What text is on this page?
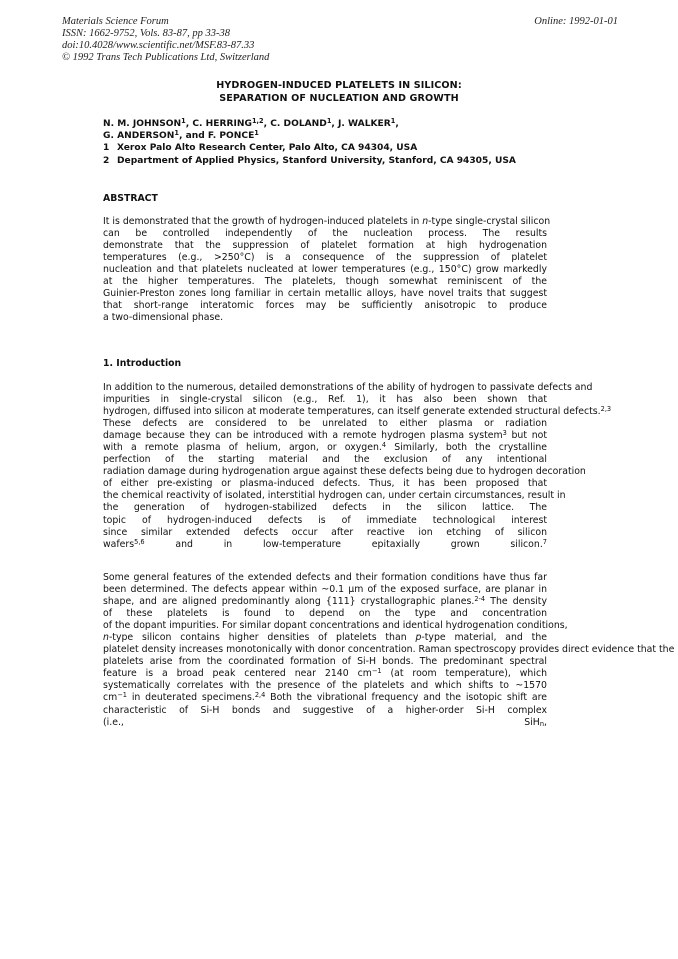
Materials Science Forum
ISSN: 1662-9752, Vols. 83-87, pp 33-38
doi:10.4028/www.scientific.net/MSF.83-87.33
© 1992 Trans Tech Publications Ltd, Switzerland
Online: 1992-01-01
HYDROGEN-INDUCED PLATELETS IN SILICON:
SEPARATION OF NUCLEATION AND GROWTH
N. M. JOHNSON$^1$, C. HERRING$^{1,2}$, C. DOLAND$^1$, J. WALKER$^1$,
G. ANDERSON$^1$, and F. PONCE$^1$
1 Xerox Palo Alto Research Center, Palo Alto, CA 94304, USA
2 Department of Applied Physics, Stanford University, Stanford, CA 94305, USA
ABSTRACT
It is demonstrated that the growth of hydrogen-induced platelets in n-type single-crystal silicon
can be controlled independently of the nucleation process. The results
demonstrate that the suppression of platelet formation at high hydrogenation
temperatures (e.g., >250°C) is a consequence of the suppression of platelet
nucleation and that platelets nucleated at lower temperatures (e.g., 150°C) grow markedly
at the higher temperatures. The platelets, though somewhat reminiscent of the
Guinier-Preston zones long familiar in certain metallic alloys, have novel traits that suggest
that short-range interatomic forces may be sufficiently anisotropic to produce
a two-dimensional phase.
1. Introduction
In addition to the numerous, detailed demonstrations of the ability of hydrogen to passivate defects and
impurities in single-crystal silicon (e.g., Ref. 1), it has also been shown that
hydrogen, diffused into silicon at moderate temperatures, can itself generate extended structural defects.$^{2,3}$
These defects are considered to be unrelated to either plasma or radiation
damage because they can be introduced with a remote hydrogen plasma system$^3$ but not
with a remote plasma of helium, argon, or oxygen.$^4$ Similarly, both the crystalline
perfection of the starting material and the exclusion of any intentional
radiation damage during hydrogenation argue against these defects being due to hydrogen decoration
of either pre-existing or plasma-induced defects. Thus, it has been proposed that
the chemical reactivity of isolated, interstitial hydrogen can, under certain circumstances, result in
the generation of hydrogen-stabilized defects in the silicon lattice. The
topic of hydrogen-induced defects is of immediate technological interest
since similar extended defects occur after reactive ion etching of silicon
wafers$^{5,6}$ and in low-temperature epitaxially grown silicon.$^7$
Some general features of the extended defects and their formation conditions have thus far
been determined. The defects appear within ~0.1 µm of the exposed surface, are planar in
shape, and are aligned predominantly along {111} crystallographic planes.$^{2-4}$ The density
of these platelets is found to depend on the type and concentration
of the dopant impurities. For similar dopant concentrations and identical hydrogenation conditions,
n-type silicon contains higher densities of platelets than p-type material, and the
platelet density increases monotonically with donor concentration. Raman spectroscopy provides direct evidence that the
platelets arise from the coordinated formation of Si-H bonds. The predominant spectral
feature is a broad peak centered near 2140 $cm^{-1}$ (at room temperature), which
systematically correlates with the presence of the platelets and which shifts to ~1570
$cm^{-1}$ in deuterated specimens.$^{2,4}$ Both the vibrational frequency and the isotopic shift are
characteristic of Si-H bonds and suggestive of a higher-order Si-H complex
(i.e., SiH$_n$,
